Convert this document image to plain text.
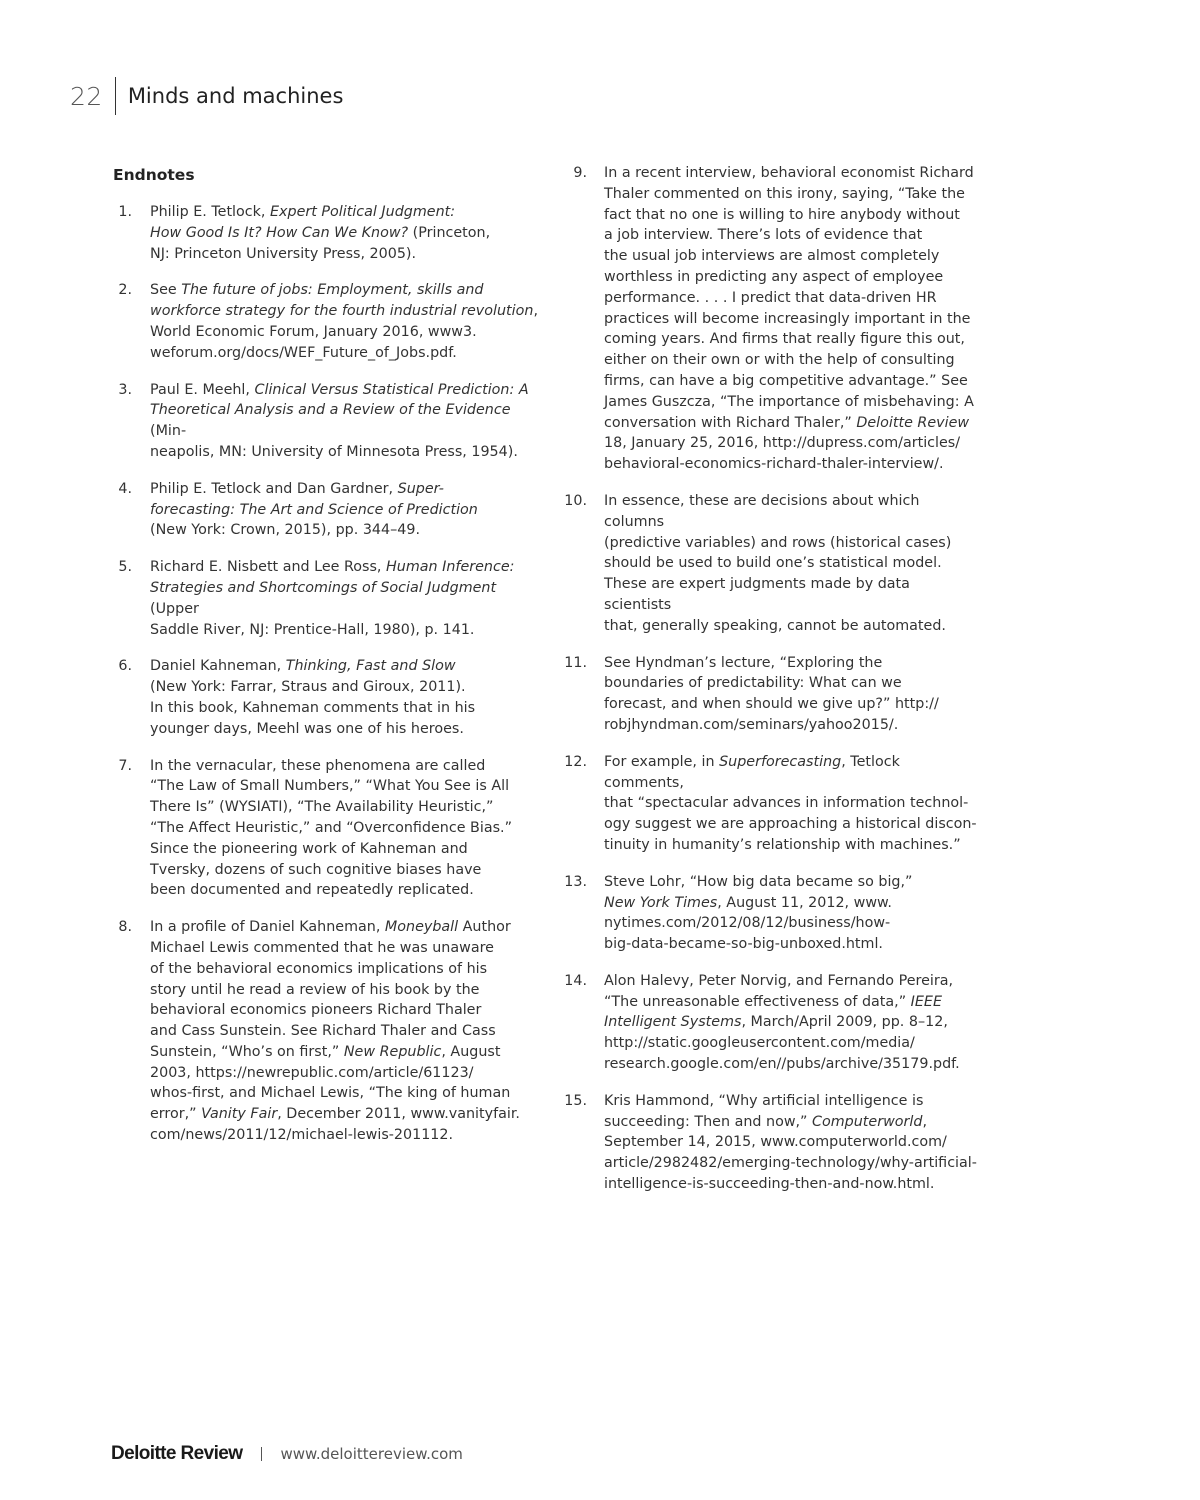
22	Minds and machines
Endnotes
1. Philip E. Tetlock, Expert Political Judgment:
How Good Is It? How Can We Know? (Princeton,
NJ: Princeton University Press, 2005).
2. See The future of jobs: Employment, skills and
workforce strategy for the fourth industrial revolution,
World Economic Forum, January 2016, www3.
weforum.org/docs/WEF_Future_of_Jobs.pdf.
3. Paul E. Meehl, Clinical Versus Statistical Prediction: A
Theoretical Analysis and a Review of the Evidence (Min-
neapolis, MN: University of Minnesota Press, 1954).
4. Philip E. Tetlock and Dan Gardner, Super-
forecasting: The Art and Science of Prediction
(New York: Crown, 2015), pp. 344–49.
5. Richard E. Nisbett and Lee Ross, Human Inference:
Strategies and Shortcomings of Social Judgment (Upper
Saddle River, NJ: Prentice-Hall, 1980), p. 141.
6. Daniel Kahneman, Thinking, Fast and Slow
(New York: Farrar, Straus and Giroux, 2011).
In this book, Kahneman comments that in his
younger days, Meehl was one of his heroes.
7. In the vernacular, these phenomena are called
“The Law of Small Numbers,” “What You See is All
There Is” (WYSIATI), “The Availability Heuristic,”
“The Affect Heuristic,” and “Overconfidence Bias.”
Since the pioneering work of Kahneman and
Tversky, dozens of such cognitive biases have
been documented and repeatedly replicated.
8. In a profile of Daniel Kahneman, Moneyball Author
Michael Lewis commented that he was unaware
of the behavioral economics implications of his
story until he read a review of his book by the
behavioral economics pioneers Richard Thaler
and Cass Sunstein. See Richard Thaler and Cass
Sunstein, “Who’s on first,” New Republic, August
2003, https://newrepublic.com/article/61123/
whos-first, and Michael Lewis, “The king of human
error,” Vanity Fair, December 2011, www.vanityfair.
com/news/2011/12/michael-lewis-201112.
9. In a recent interview, behavioral economist Richard
Thaler commented on this irony, saying, “Take the
fact that no one is willing to hire anybody without
a job interview. There’s lots of evidence that
the usual job interviews are almost completely
worthless in predicting any aspect of employee
performance. . . . I predict that data-driven HR
practices will become increasingly important in the
coming years. And firms that really figure this out,
either on their own or with the help of consulting
firms, can have a big competitive advantage.” See
James Guszcza, “The importance of misbehaving: A
conversation with Richard Thaler,” Deloitte Review
18, January 25, 2016, http://dupress.com/articles/
behavioral-economics-richard-thaler-interview/.
10. In essence, these are decisions about which columns
(predictive variables) and rows (historical cases)
should be used to build one’s statistical model.
These are expert judgments made by data scientists
that, generally speaking, cannot be automated.
11. See Hyndman’s lecture, “Exploring the
boundaries of predictability: What can we
forecast, and when should we give up?” http://
robjhyndman.com/seminars/yahoo2015/.
12. For example, in Superforecasting, Tetlock comments,
that “spectacular advances in information technol-
ogy suggest we are approaching a historical discon-
tinuity in humanity’s relationship with machines.”
13. Steve Lohr, “How big data became so big,”
New York Times, August 11, 2012, www.
nytimes.com/2012/08/12/business/how-
big-data-became-so-big-unboxed.html.
14. Alon Halevy, Peter Norvig, and Fernando Pereira,
“The unreasonable effectiveness of data,” IEEE
Intelligent Systems, March/April 2009, pp. 8–12,
http://static.googleusercontent.com/media/
research.google.com/en//pubs/archive/35179.pdf.
15. Kris Hammond, “Why artificial intelligence is
succeeding: Then and now,” Computerworld,
September 14, 2015, www.computerworld.com/
article/2982482/emerging-technology/why-artificial-
intelligence-is-succeeding-then-and-now.html.
Deloitte Review	www.deloittereview.com
